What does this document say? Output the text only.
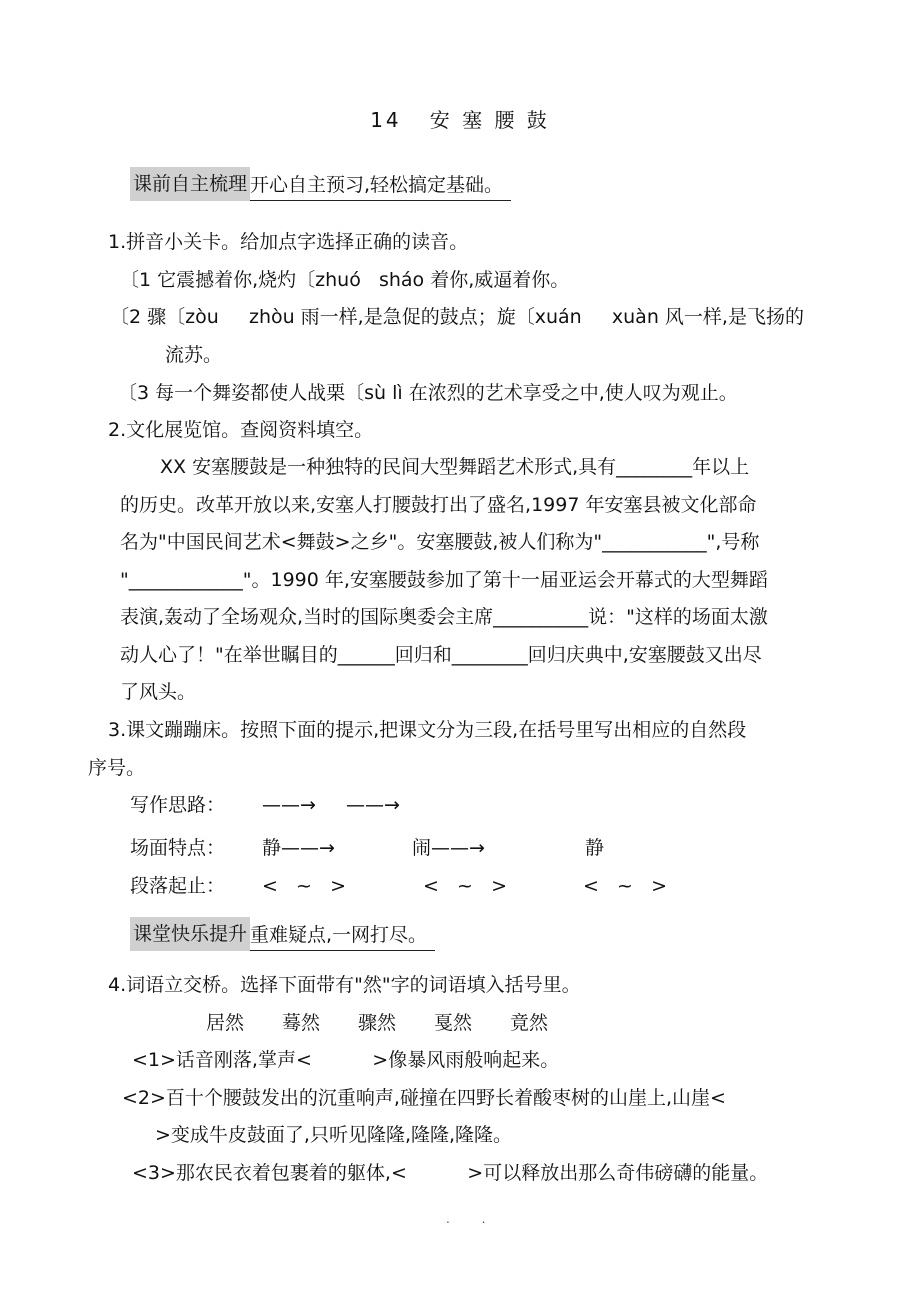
14   安 塞 腰 鼓
课前自主梳理 开心自主预习,轻松搞定基础。
1.拼音小关卡。给加点字选择正确的读音。
〔1 它震撼着你,烧灼〔zhuó   sháo 着你,威逼着你。
〔2 骤〔zòu     zhòu 雨一样,是急促的鼓点；旋〔xuán     xuàn 风一样,是飞扬的
流苏。
〔3 每一个舞姿都使人战栗〔sù lì 在浓烈的艺术享受之中,使人叹为观止。
2.文化展览馆。查阅资料填空。
XX 安塞腰鼓是一种独特的民间大型舞蹈艺术形式,具有________年以上
的历史。改革开放以来,安塞人打腰鼓打出了盛名,1997 年安塞县被文化部命
名为"中国民间艺术<舞鼓>之乡"。安塞腰鼓,被人们称为"___________",号称
"____________"。1990 年,安塞腰鼓参加了第十一届亚运会开幕式的大型舞蹈
表演,轰动了全场观众,当时的国际奥委会主席__________说："这样的场面太激
动人心了！"在举世瞩目的______回归和________回归庆典中,安塞腰鼓又出尽
了风头。
3.课文蹦蹦床。按照下面的提示,把课文分为三段,在括号里写出相应的自然段
序号。
写作思路： ——→ ——→
场面特点： 静——→	闹——→	静
段落起止： <   ~   >	<   ~   >	<   ~   >
课堂快乐提升 重难疑点,一网打尽。
4.词语立交桥。选择下面带有"然"字的词语填入括号里。
居然 蓦然 骤然 戛然 竟然
<1>话音刚落,掌声<          >像暴风雨般响起来。
<2>百十个腰鼓发出的沉重响声,碰撞在四野长着酸枣树的山崖上,山崖<
>变成牛皮鼓面了,只听见隆隆,隆隆,隆隆。
<3>那农民衣着包裹着的躯体,<          >可以释放出那么奇伟磅礴的能量。
. .
